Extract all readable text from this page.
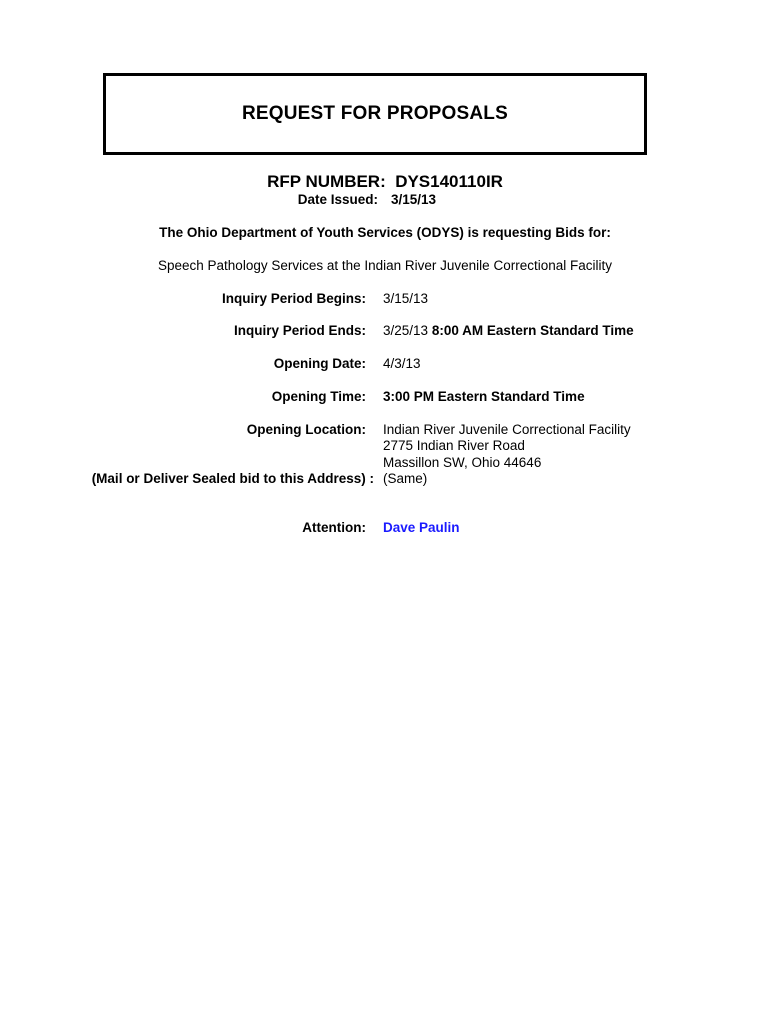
REQUEST FOR PROPOSALS
RFP NUMBER:  DYS140110IR
Date Issued: 3/15/13
The Ohio Department of Youth Services (ODYS) is requesting Bids for:
Speech Pathology Services at the Indian River Juvenile Correctional Facility
Inquiry Period Begins: 3/15/13
Inquiry Period Ends: 3/25/13 8:00 AM Eastern Standard Time
Opening Date: 4/3/13
Opening Time: 3:00 PM Eastern Standard Time
Opening Location: Indian River Juvenile Correctional Facility
2775 Indian River Road
Massillon SW, Ohio 44646
(Mail or Deliver Sealed bid to this Address) : (Same)
Attention: Dave Paulin
